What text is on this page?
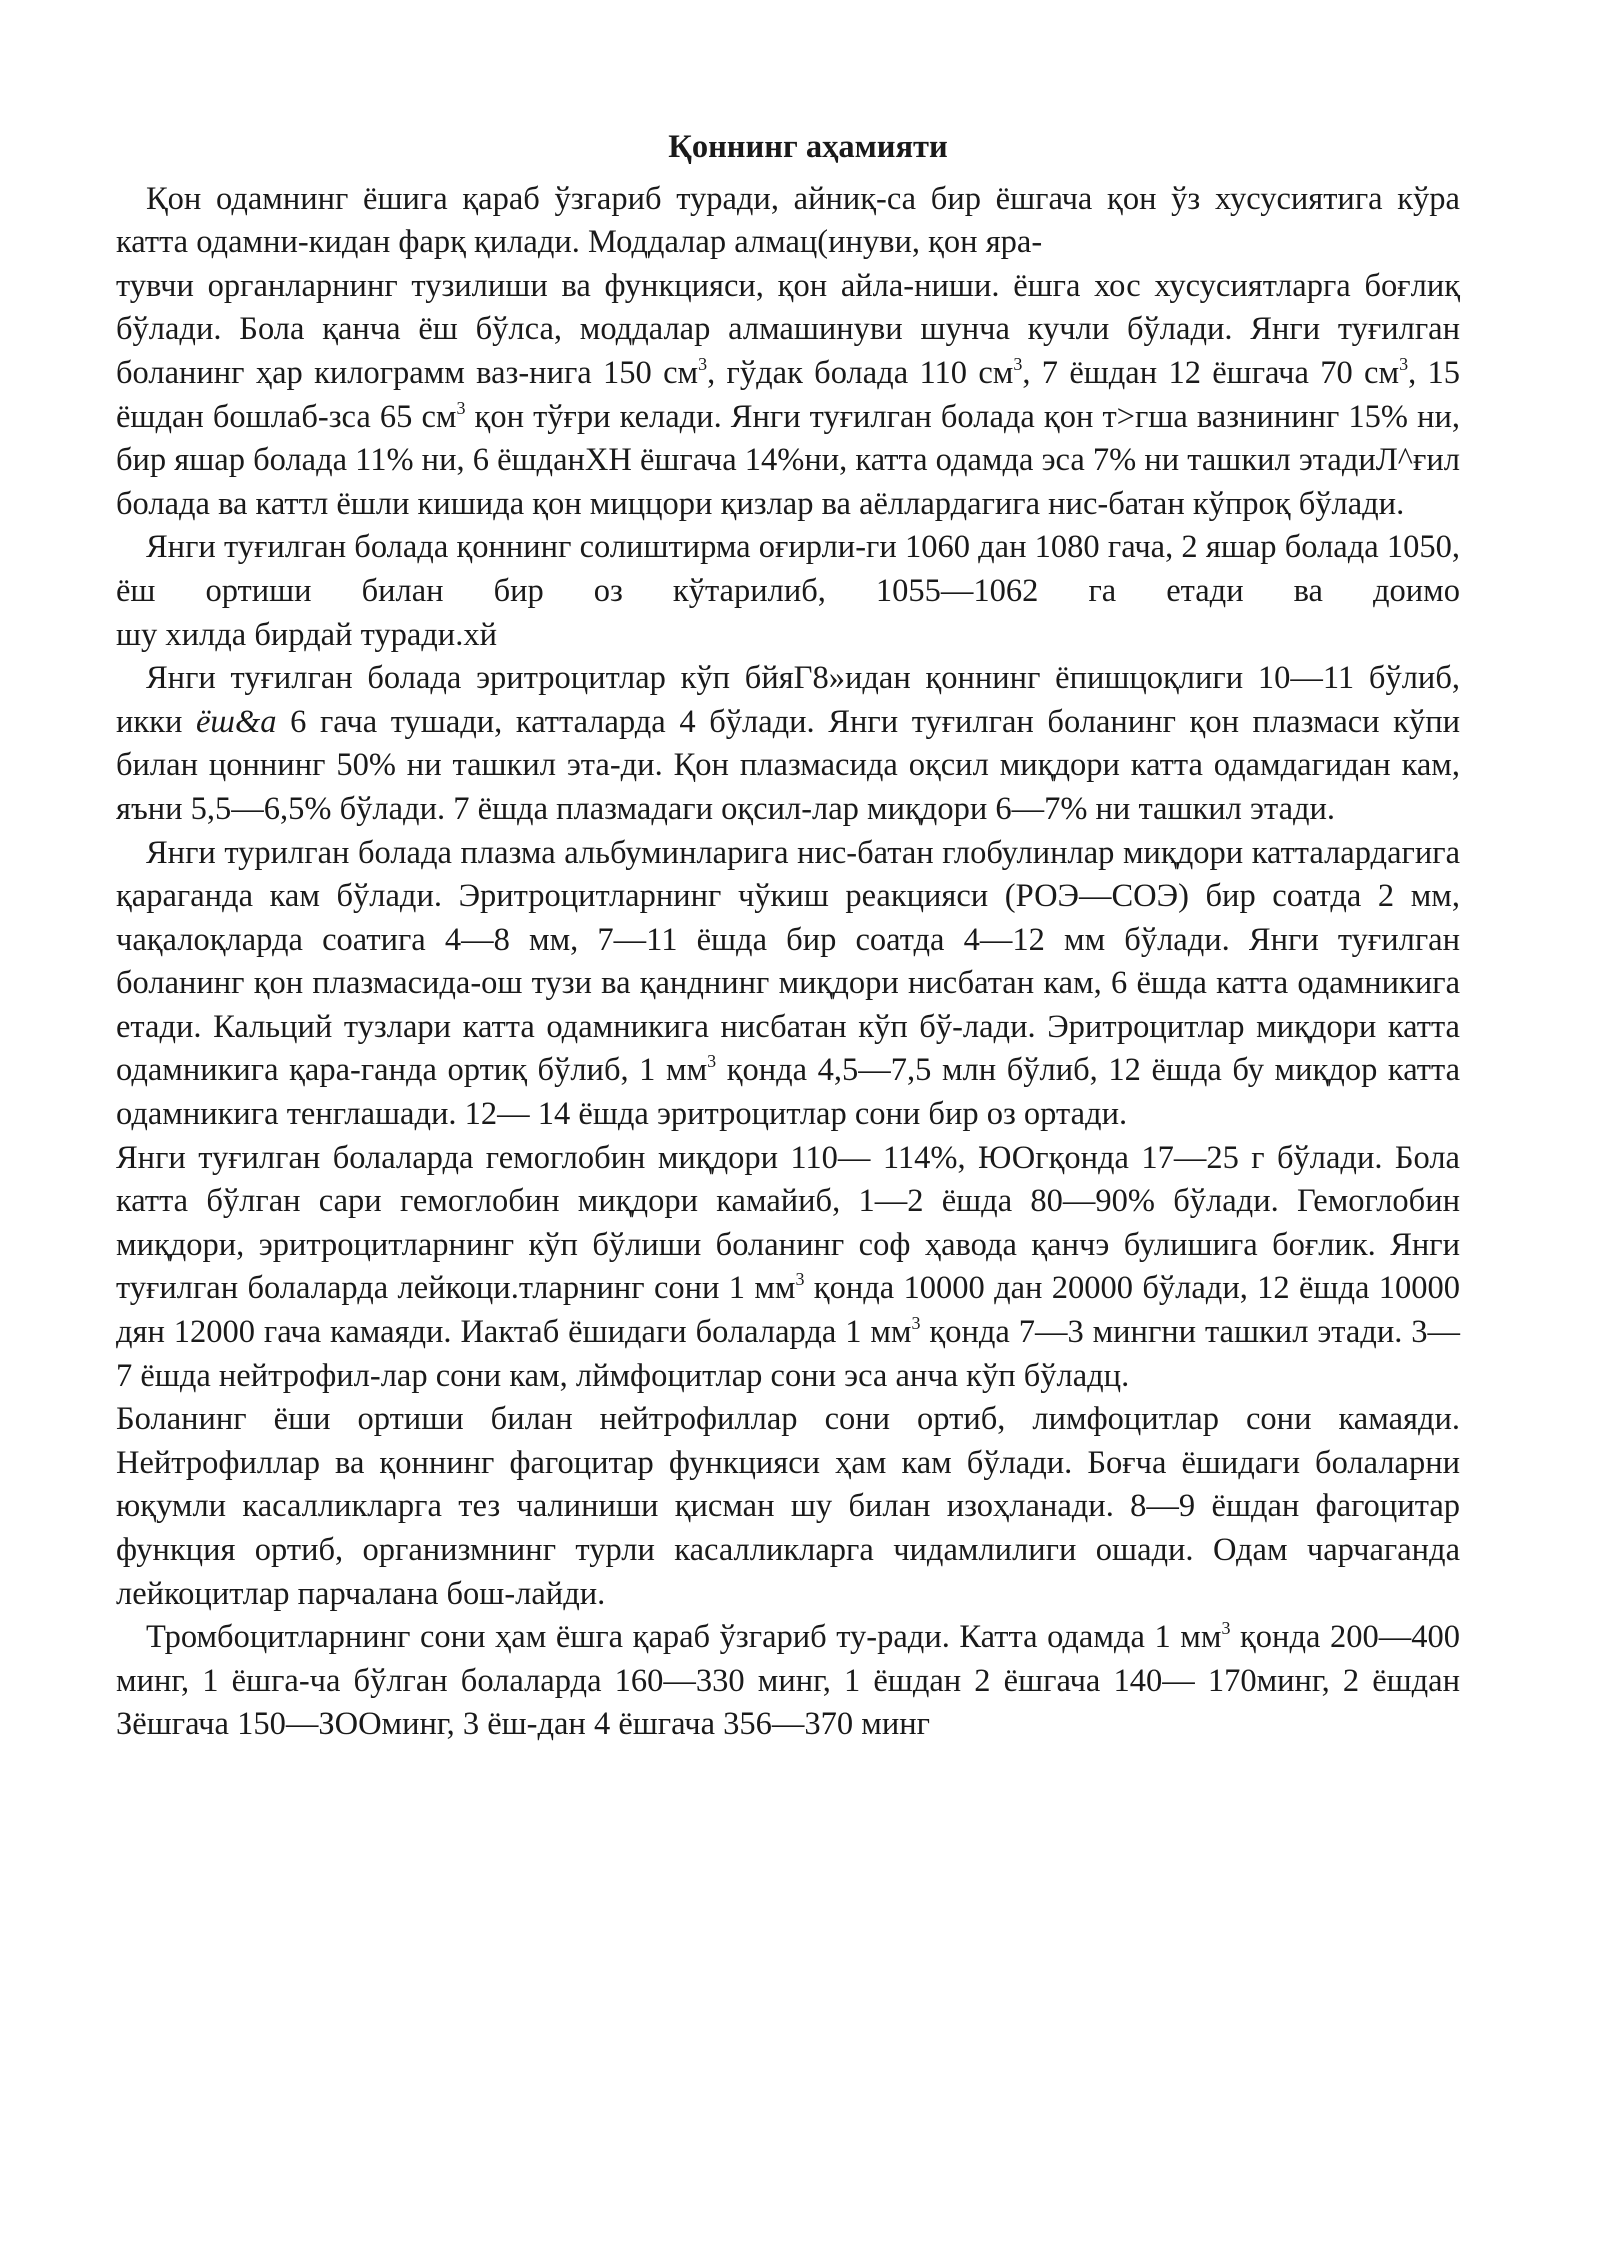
Қоннинг аҳамияти

Қон одамнинг ёшига қараб ўзгариб туради, айниқ-са бир ёшгача қон ўз хусусиятига кўра катта одамни-кидан фарқ қилади. Моддалар алмац(инуви, қон яра-

тувчи органларнинг тузилиши ва функцияси, қон айла-ниши. ёшга хос хусусиятларга боғлиқ бўлади. Бола қанча ёш бўлса, моддалар алмашинуви шунча кучли бўлади. Янги туғилган боланинг ҳар килограмм ваз-нига 150 $см^3$, гўдак болада 110 $см^3$, 7 ёшдан 12 ёшгача 70 $см^3$, 15 ёшдан бошлаб-зса 65 $см^3$ қон тўғри келади. Янги туғилган болада қон т>гша вазнининг 15% ни, бир яшар болада 11% ни, 6 ёшданХН ёшгача 14%ни, катта одамда эса 7% ни ташкил этадиЛ^ғил болада ва каттл ёшли кишида қон миццори қизлар ва аёллардагига нис-батан кўпроқ бўлади.

Янги туғилган болада қоннинг солиштирма оғирли-ги 1060 дан 1080 гача, 2 яшар болада 1050, ёш ортиши билан бир оз кўтарилиб, 1055—1062 га етади ва доимо

шу хилда бирдай туради.хй

Янги туғилган болада эритроцитлар кўп бйяГ8»идан қоннинг ёпишцоқлиги 10—11 бўлиб, икки ёш&а 6 гача тушади, катталарда 4 бўлади. Янги туғилган боланинг қон плазмаси кўпи билан цоннинг 50% ни ташкил эта-ди. Қон плазмасида оқсил миқдори катта одамдагидан кам, яъни 5,5—6,5% бўлади. 7 ёшда плазмадаги оқсил-лар миқдори 6—7% ни ташкил этади.

Янги турилган болада плазма альбуминларига нис-батан глобулинлар миқдори катталардагига қараганда кам бўлади. Эритроцитларнинг чўкиш реакцияси (РОЭ—СОЭ) бир соатда 2 мм, чақалоқларда соатига 4—8 мм, 7—11 ёшда бир соатда 4—12 мм бўлади. Янги туғилган боланинг қон плазмасида-ош тузи ва қанднинг миқдори нисбатан кам, 6 ёшда катта одамникига етади. Кальций тузлари катта одамникига нисбатан кўп бў-лади. Эритроцитлар миқдори катта одамникига қара-ганда ортиқ бўлиб, 1 $мм^3$ қонда 4,5—7,5 млн бўлиб, 12 ёшда бу миқдор катта одамникига тенглашади. 12— 14 ёшда эритроцитлар сони бир оз ортади.

Янги туғилган болаларда гемоглобин миқдори 110— 114%, ЮОгқонда 17—25 г бўлади. Бола катта бўлган сари гемоглобин миқдори камайиб, 1—2 ёшда 80—90% бўлади. Гемоглобин миқдори, эритроцитларнинг кўп бўлиши боланинг соф ҳавода қанчэ булишига боғлик. Янги туғилган болаларда лейкоци.тларнинг сони 1 $мм^3$ қонда 10000 дан 20000 бўлади, 12 ёшда 10000 дян 12000 гача камаяди. Иактаб ёшидаги болаларда 1 $мм^3$ қонда 7—3 мингни ташкил этади. 3—7 ёшда нейтрофил-лар сони кам, лймфоцитлар сони эса анча кўп бўладц.

Боланинг ёши ортиши билан нейтрофиллар сони ортиб, лимфоцитлар сони камаяди. Нейтрофиллар ва қоннинг фагоцитар функцияси ҳам кам бўлади. Боғча ёшидаги болаларни юқумли касалликларга тез чалиниши қисман шу билан изоҳланади. 8—9 ёшдан фагоцитар функция ортиб, организмнинг турли касалликларга чидамлилиги ошади. Одам чарчаганда лейкоцитлар парчалана бош-лайди.

Тромбоцитларнинг сони ҳам ёшга қараб ўзгариб ту-ради. Катта одамда 1 $мм^3$ қонда 200—400 минг, 1 ёшга-ча бўлган болаларда 160—330 минг, 1 ёшдан 2 ёшгача 140— 170минг, 2 ёшдан Зёшгача 150—ЗООминг, 3 ёш-дан 4 ёшгача 356—370 минг
